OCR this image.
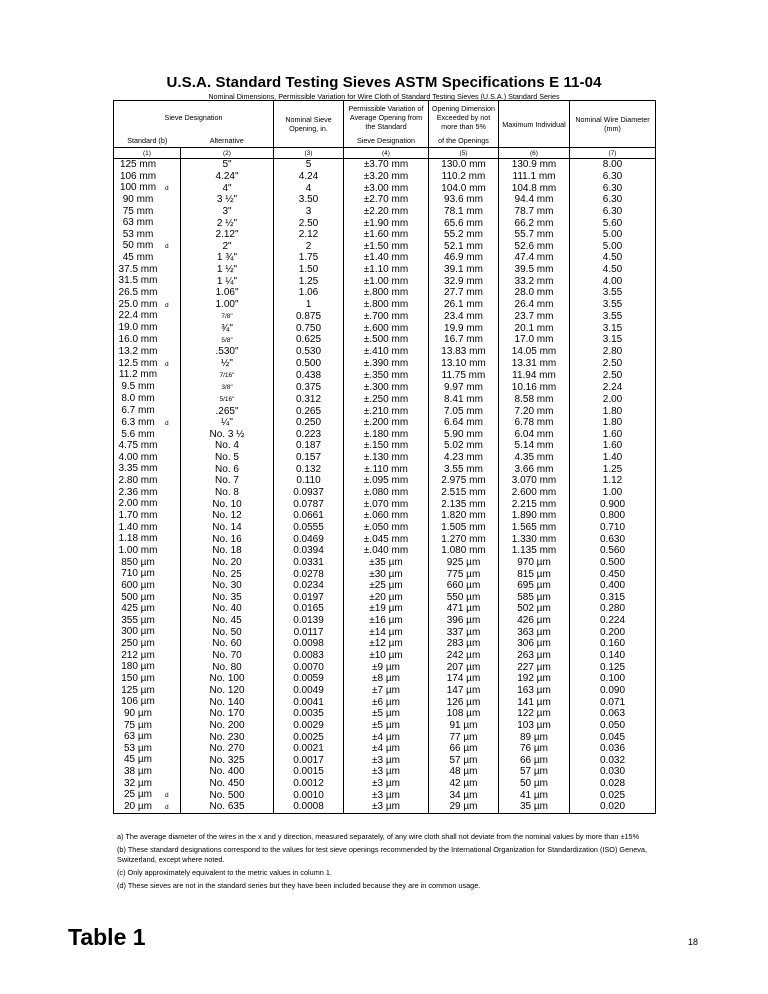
U.S.A. Standard Testing Sieves ASTM Specifications E 11-04
Nominal Dimensions, Permissible Variation for Wire Cloth of Standard Testing Sieves (U.S.A.) Standard Series
Sieve Designation		Nominal Sieve Opening, in.	Permissible Variation of Average Opening from the Standard	Opening Dimension Exceeded by not more than 5%	Maximum Individual	Nominal Wire Diameter (mm)
Standard (b)	Alternative		Sieve Designation	of the Openings		
(1)	(2)	(3)	(4)	(5)	(6)	(7)

125 mm	5"	5	±3.70 mm	130.0 mm	130.9 mm	8.00

106 mm	4.24"	4.24	±3.20 mm	110.2 mm	111.1 mm	6.30

100 mm d	4"	4	±3.00 mm	104.0 mm	104.8 mm	6.30

90 mm	3 ½"	3.50	±2.70 mm	93.6 mm	94.4 mm	6.30

75 mm	3"	3	±2.20 mm	78.1 mm	78.7 mm	6.30

63 mm	2 ½"	2.50	±1.90 mm	65.6 mm	66.2 mm	5.60

53 mm	2.12"	2.12	±1.60 mm	55.2 mm	55.7 mm	5.00

50 mm d	2"	2	±1.50 mm	52.1 mm	52.6 mm	5.00

45 mm	1 ¾"	1.75	±1.40 mm	46.9 mm	47.4 mm	4.50

37.5 mm	1 ½"	1.50	±1.10 mm	39.1 mm	39.5 mm	4.50

31.5 mm	1 ¼"	1.25	±1.00 mm	32.9 mm	33.2 mm	4.00

26.5 mm	1.06"	1.06	±.800 mm	27.7 mm	28.0 mm	3.55

25.0 mm d	1.00"	1	±.800 mm	26.1 mm	26.4 mm	3.55

22.4 mm	7/8"	0.875	±.700 mm	23.4 mm	23.7 mm	3.55

19.0 mm	¾"	0.750	±.600 mm	19.9 mm	20.1 mm	3.15

16.0 mm	5/8"	0.625	±.500 mm	16.7 mm	17.0 mm	3.15

13.2 mm	.530"	0.530	±.410 mm	13.83 mm	14.05 mm	2.80

12.5 mm d	½"	0.500	±.390 mm	13.10 mm	13.31 mm	2.50

11.2 mm	7/16"	0.438	±.350 mm	11.75 mm	11.94 mm	2.50

9.5 mm	3/8"	0.375	±.300 mm	9.97 mm	10.16 mm	2.24

8.0 mm	5/16"	0.312	±.250 mm	8.41 mm	8.58 mm	2.00

6.7 mm	.265"	0.265	±.210 mm	7.05 mm	7.20 mm	1.80

6.3 mm d	¼"	0.250	±.200 mm	6.64 mm	6.78 mm	1.80

5.6 mm	No. 3 ½	0.223	±.180 mm	5.90 mm	6.04 mm	1.60

4.75 mm	No. 4	0.187	±.150 mm	5.02 mm	5.14 mm	1.60

4.00 mm	No. 5	0.157	±.130 mm	4.23 mm	4.35 mm	1.40

3.35 mm	No. 6	0.132	±.110 mm	3.55 mm	3.66 mm	1.25

2.80 mm	No. 7	0.110	±.095 mm	2.975 mm	3.070 mm	1.12

2.36 mm	No. 8	0.0937	±.080 mm	2.515 mm	2.600 mm	1.00

2.00 mm	No. 10	0.0787	±.070 mm	2.135 mm	2.215 mm	0.900

1.70 mm	No. 12	0.0661	±.060 mm	1.820 mm	1.890 mm	0.800

1.40 mm	No. 14	0.0555	±.050 mm	1.505 mm	1.565 mm	0.710

1.18 mm	No. 16	0.0469	±.045 mm	1.270 mm	1.330 mm	0.630

1.00 mm	No. 18	0.0394	±.040 mm	1.080 mm	1.135 mm	0.560

850 µm	No. 20	0.0331	±35 µm	925 µm	970 µm	0.500

710 µm	No. 25	0.0278	±30 µm	775 µm	815 µm	0.450

600 µm	No. 30	0.0234	±25 µm	660 µm	695 µm	0.400

500 µm	No. 35	0.0197	±20 µm	550 µm	585 µm	0.315

425 µm	No. 40	0.0165	±19 µm	471 µm	502 µm	0.280

355 µm	No. 45	0.0139	±16 µm	396 µm	426 µm	0.224

300 µm	No. 50	0.0117	±14 µm	337 µm	363 µm	0.200

250 µm	No. 60	0.0098	±12 µm	283 µm	306 µm	0.160

212 µm	No. 70	0.0083	±10 µm	242 µm	263 µm	0.140

180 µm	No. 80	0.0070	±9 µm	207 µm	227 µm	0.125

150 µm	No. 100	0.0059	±8 µm	174 µm	192 µm	0.100

125 µm	No. 120	0.0049	±7 µm	147 µm	163 µm	0.090

106 µm	No. 140	0.0041	±6 µm	126 µm	141 µm	0.071

90 µm	No. 170	0.0035	±5 µm	108 µm	122 µm	0.063

75 µm	No. 200	0.0029	±5 µm	91 µm	103 µm	0.050

63 µm	No. 230	0.0025	±4 µm	77 µm	89 µm	0.045

53 µm	No. 270	0.0021	±4 µm	66 µm	76 µm	0.036

45 µm	No. 325	0.0017	±3 µm	57 µm	66 µm	0.032

38 µm	No. 400	0.0015	±3 µm	48 µm	57 µm	0.030

32 µm	No. 450	0.0012	±3 µm	42 µm	50 µm	0.028

25 µm d	No. 500	0.0010	±3 µm	34 µm	41 µm	0.025

20 µm d	No. 635	0.0008	±3 µm	29 µm	35 µm	0.020

a) The average diameter of the wires in the x and y direction, measured separately, of any wire cloth shall not deviate from the nominal values by more than ±15%

(b) These standard designations correspond to the values for test sieve openings recommended by the International Organization for Standardization (ISO) Geneva, Switzerland, except where noted.

(c) Only approximately equivalent to the metric values in column 1.

(d) These sieves are not in the standard series but they have been included because they are in common usage.

Table 1	18
